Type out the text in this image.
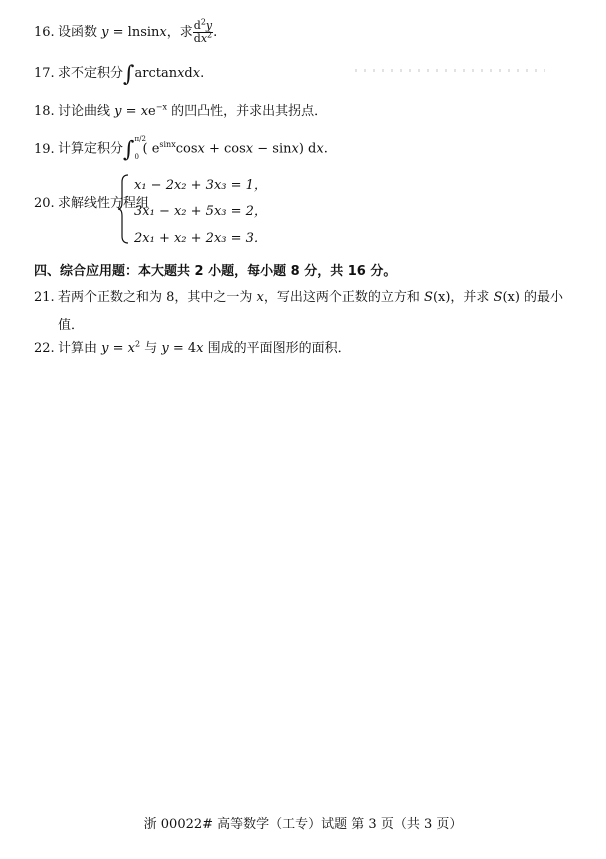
16. 设函数 y = lnsinx，求 $\frac{d^2y}{dx^2}$ .
17. 求不定积分∫arctanxdx.
18. 讨论曲线 $y = xe^{-x}$ 的凹凸性，并求出其拐点．
19. 计算定积分∫ π/2
0
( $e^{sinx}\cos x + \cos x - \sin x$) dx.
20. 求解线性方程组
x₁ − 2x₂ + 3x₃ = 1，
3x₁ − x₂ + 5x₃ = 2，
2x₁ + x₂ + 2x₃ = 3．
四、综合应用题：本大题共 2 小题，每小题 8 分，共 16 分。
21. 若两个正数之和为 8，其中之一为 x，写出这两个正数的立方和 S(x)，并求 S(x) 的最小
值．
22. 计算由 $y = x^2$ 与 y = 4x 围成的平面图形的面积．
浙 00022# 高等数学（工专）试题 第 3 页（共 3 页）
